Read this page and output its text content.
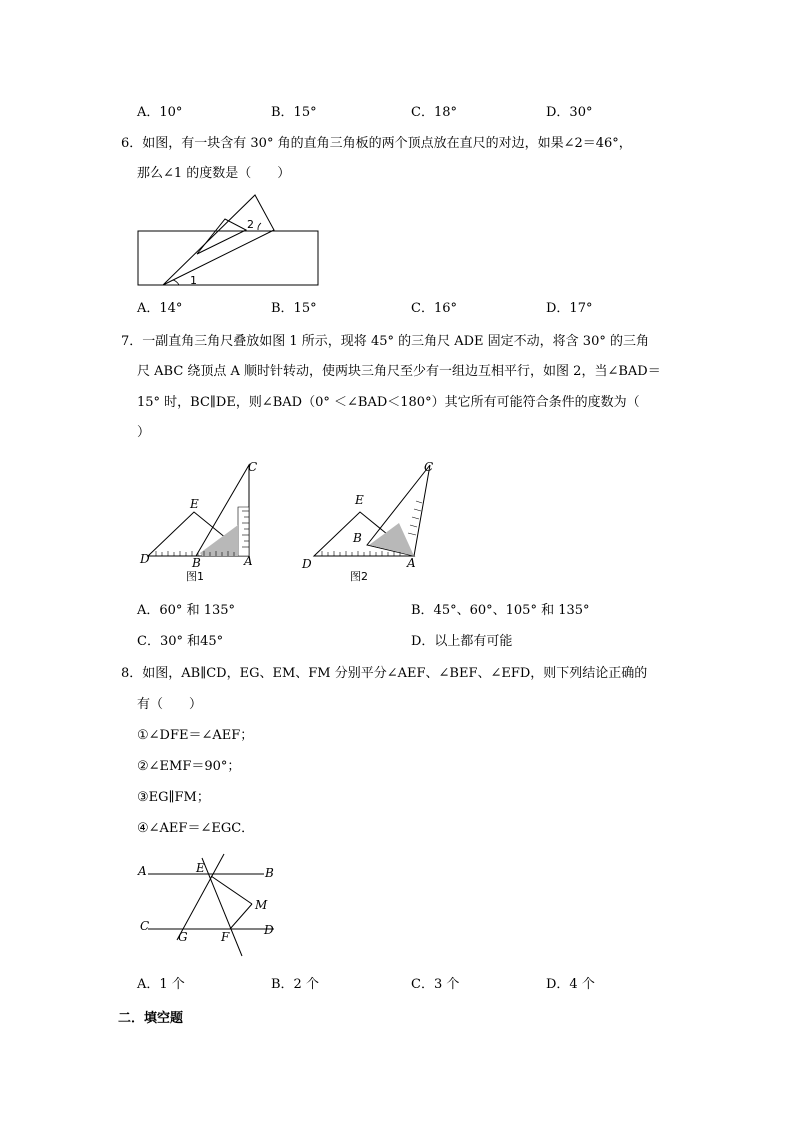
A．10°	B．15°	C．18°	D．30°
6．如图，有一块含有 30° 角的直角三角板的两个顶点放在直尺的对边，如果∠2＝46°，
那么∠1 的度数是（　　）
1
2
A．14°	B．15°	C．16°	D．17°
7．一副直角三角尺叠放如图 1 所示，现将 45° 的三角尺 ADE 固定不动，将含 30° 的三角
尺 ABC 绕顶点 A 顺时针转动，使两块三角尺至少有一组边互相平行，如图 2，当∠BAD＝
15° 时，BC∥DE，则∠BAD（0° ＜∠BAD＜180°）其它所有可能符合条件的度数为（
）
C
E
D	B	A
图1
C
E
D
B
A
图2
A．60° 和 135°	B．45°、60°、105° 和 135°
C．30° 和45°	D．以上都有可能
8．如图，AB∥CD，EG、EM、FM 分别平分∠AEF、∠BEF、∠EFD，则下列结论正确的
有（　　）
①∠DFE＝∠AEF；
②∠EMF＝90°；
③EG∥FM；
④∠AEF＝∠EGC．
A	E	B
M
C
G	F	D
A．1 个	B．2 个	C．3 个	D．4 个
二．填空题
